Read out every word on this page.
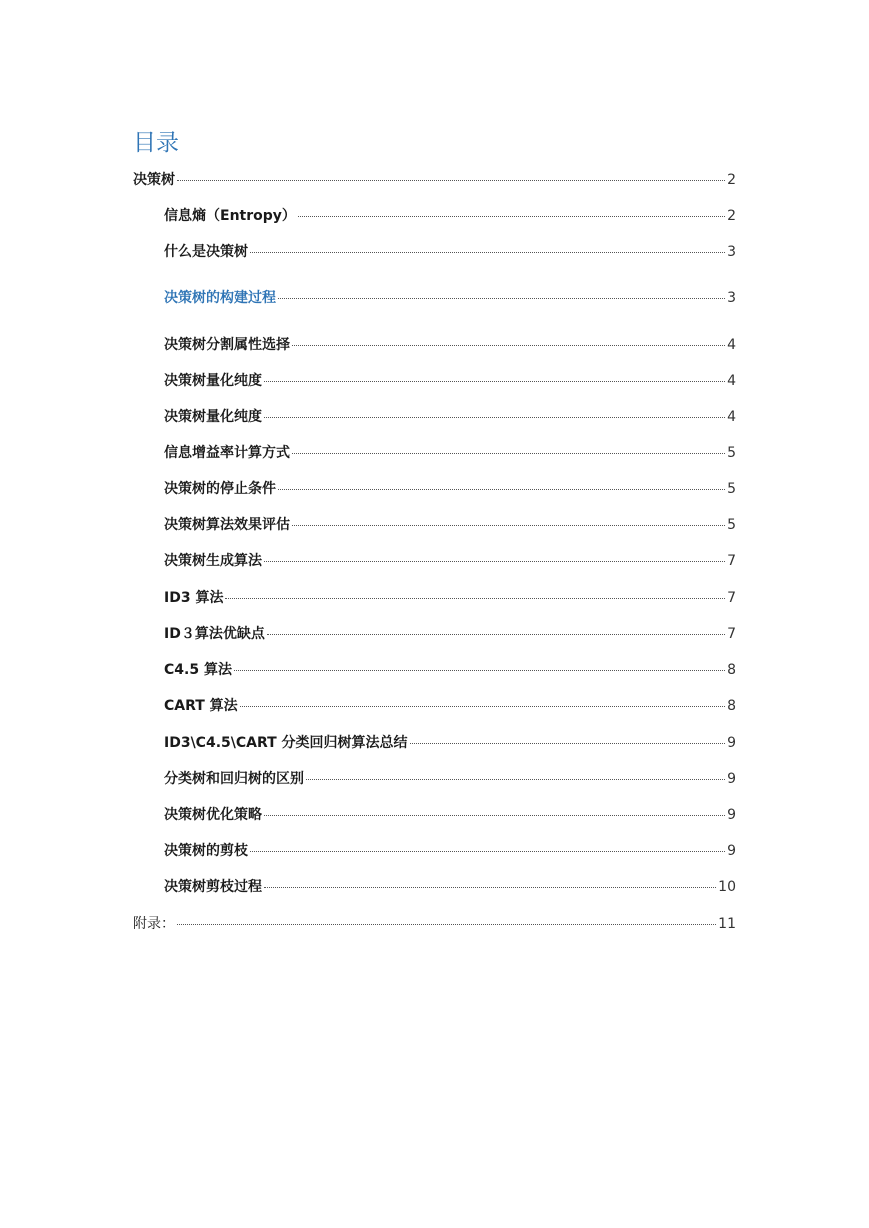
目录
决策树	2
信息熵（Entropy）	2
什么是决策树	3
决策树的构建过程	3
决策树分割属性选择	4
决策树量化纯度	4
决策树量化纯度	4
信息增益率计算方式	5
决策树的停止条件	5
决策树算法效果评估	5
决策树生成算法	7
ID3 算法	7
ID３算法优缺点	7
C4.5 算法	8
CART 算法	8
ID3\C4.5\CART 分类回归树算法总结	9
分类树和回归树的区别	9
决策树优化策略	9
决策树的剪枝	9
决策树剪枝过程	10
附录：	11
